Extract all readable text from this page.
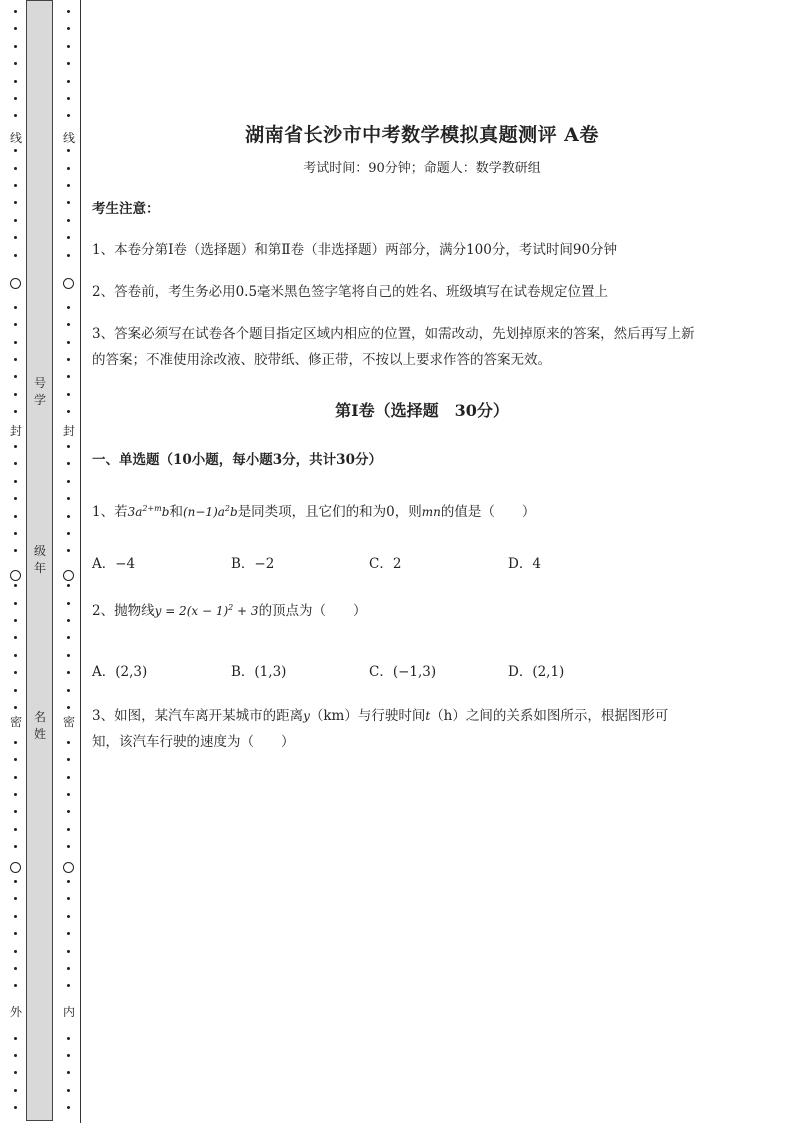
线
封
密
外
线
封
密
内
号
学
级
年
名
姓
湖南省长沙市中考数学模拟真题测评 A卷
考试时间：90分钟；命题人：数学教研组
考生注意：
1、本卷分第I卷（选择题）和第Ⅱ卷（非选择题）两部分，满分100分，考试时间90分钟
2、答卷前，考生务必用0.5毫米黑色签字笔将自己的姓名、班级填写在试卷规定位置上
3、答案必须写在试卷各个题目指定区域内相应的位置，如需改动，先划掉原来的答案，然后再写上新
的答案；不准使用涂改液、胶带纸、修正带，不按以上要求作答的答案无效。
第I卷（选择题　30分）
一、单选题（10小题，每小题3分，共计30分）
1、若$3a^{2+m}b$和$(n-1)a^2b$是同类项，且它们的和为0，则mn的值是（　　）
A．−4	B．−2	C．2	D．4
2、抛物线$y = 2(x - 1)^2 + 3$的顶点为（　　）
A．(2,3)	B．(1,3)	C．(−1,3)	D．(2,1)
3、如图，某汽车离开某城市的距离y（km）与行驶时间t（h）之间的关系如图所示，根据图形可
知，该汽车行驶的速度为（　　）
